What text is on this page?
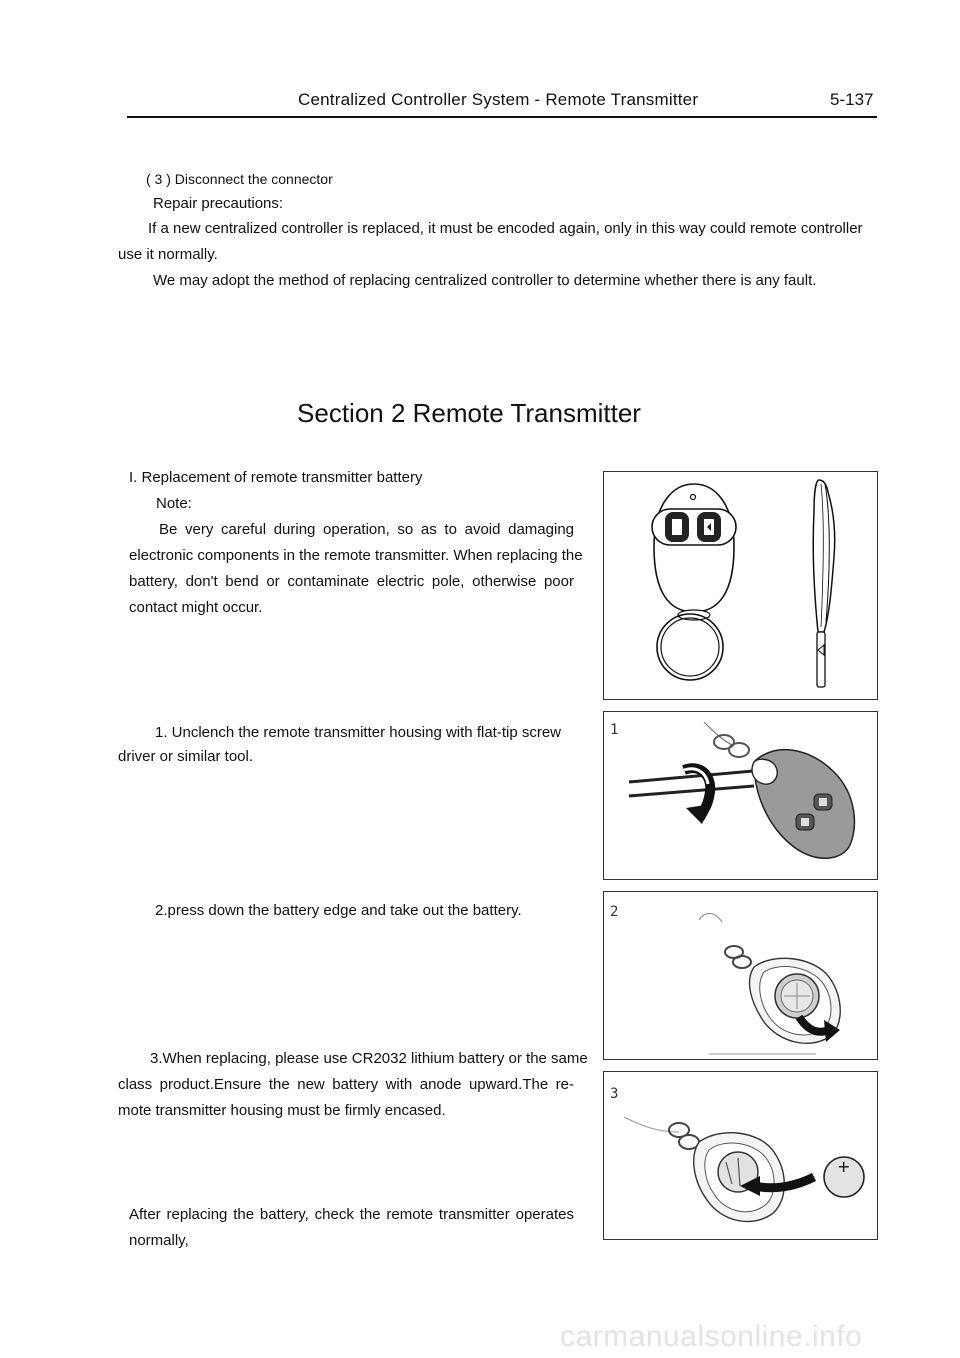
Centralized Controller System - Remote Transmitter	5-137
( 3 ) Disconnect the connector
Repair precautions:
If a new centralized controller is replaced, it must be encoded again, only in this way could remote controller
use it normally.
We may adopt the method of replacing centralized controller to determine whether there is any fault.
Section 2 Remote Transmitter
I. Replacement of remote transmitter battery
Note:
Be very careful during operation, so as to avoid damaging
electronic components in the remote transmitter. When replacing the
battery, don't bend or contaminate electric pole, otherwise poor
contact might occur.
1. Unclench the remote transmitter housing with flat-tip screw
driver or similar tool.
2.press down the battery edge and take out the battery.
3.When replacing, please use CR2032 lithium battery or the same
class product.Ensure the new battery with anode upward.The re-
mote transmitter housing must be firmly encased.
After replacing the battery, check the remote transmitter operates
normally,
1
2
3
+
carmanualsonline.info
